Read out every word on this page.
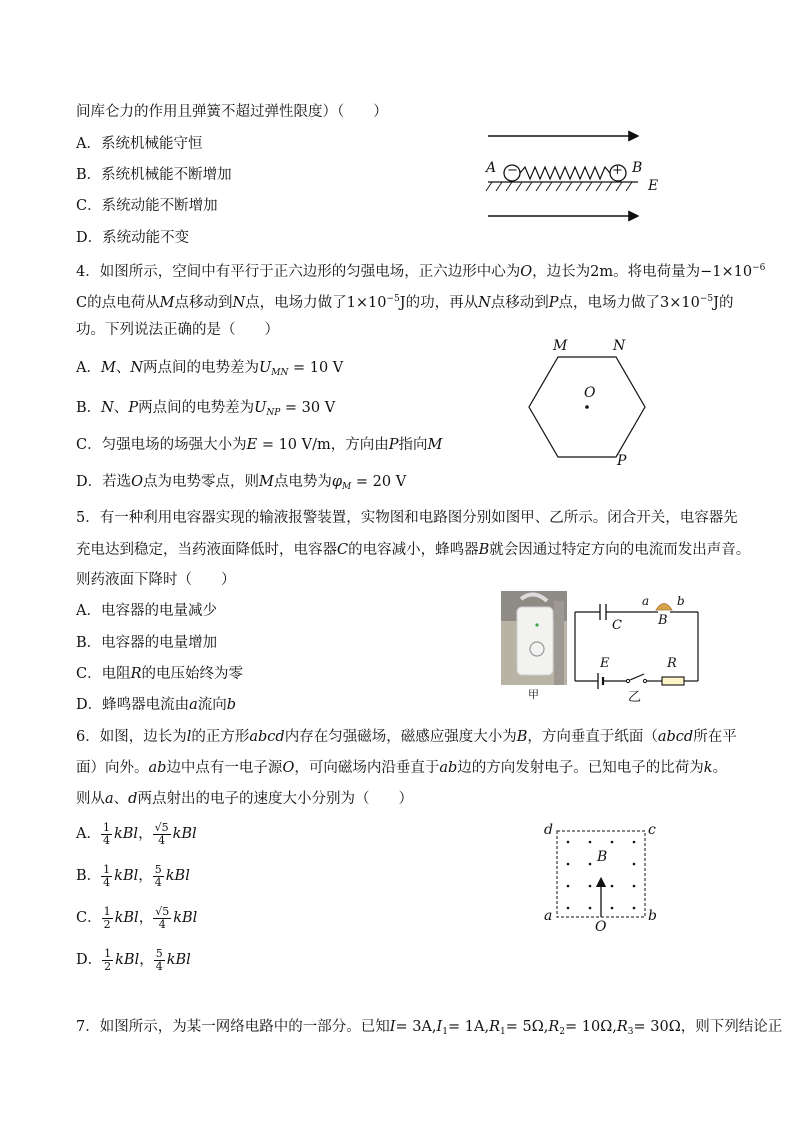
间库仑力的作用且弹簧不超过弹性限度）（　　）
A．系统机械能守恒
B．系统机械能不断增加
C．系统动能不断增加
D．系统动能不变
A −	+ B
E
4．如图所示，空间中有平行于正六边形的匀强电场，正六边形中心为O，边长为2m。将电荷量为$-1\times 10^{-6}$
C的点电荷从M点移动到N点，电场力做了$1\times 10^{-5}J$的功，再从N点移动到P点，电场力做了$3\times 10^{-5}J$的
功。下列说法正确的是（　　）
A．M、N两点间的电势差为$U_{MN} = 10$ V
B．N、P两点间的电势差为$U_{NP} = 30$ V
C．匀强电场的场强大小为E = 10 V/m，方向由P指向M
D．若选O点为电势零点，则M点电势为$\varphi_M = 20$ V
M	N
O
P
5．有一种利用电容器实现的输液报警装置，实物图和电路图分别如图甲、乙所示。闭合开关，电容器先
充电达到稳定，当药液面降低时，电容器C的电容减小，蜂鸣器B就会因通过特定方向的电流而发出声音。
则药液面下降时（　　）
A．电容器的电量减少
B．电容器的电量增加
C．电阻R的电压始终为零
D．蜂鸣器电流由a流向b
甲
C	B
a b
E	R
乙
6．如图，边长为l的正方形abcd内存在匀强磁场，磁感应强度大小为B，方向垂直于纸面（abcd所在平
面）向外。ab边中点有一电子源O，可向磁场内沿垂直于ab边的方向发射电子。已知电子的比荷为k。
则从a、d两点射出的电子的速度大小分别为（　　）
A． $\frac{1}{4}$ kBl， $\frac{√5}{4}$ kBl
B． $\frac{1}{4}$ kBl， $\frac{5}{4}$ kBl
C． $\frac{1}{2}$ kBl， $\frac{√5}{4}$ kBl
D． $\frac{1}{2}$ kBl， $\frac{5}{4}$ kBl
d	c
a	b
B
O
7．如图所示，为某一网络电路中的一部分。已知$I= 3A,I_1= 1A,R_1= 5\Omega,R_2= 10\Omega,R_3= 30\Omega$，则下列结论正
